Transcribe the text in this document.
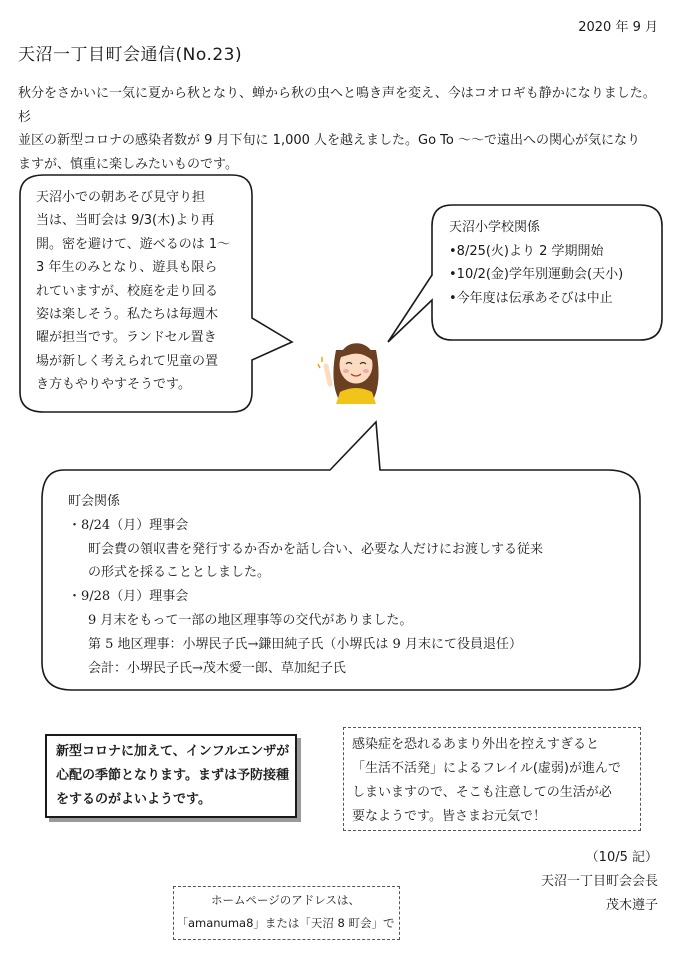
2020 年 9 月
天沼一丁目町会通信(No.23)

秋分をさかいに一気に夏から秋となり、蝉から秋の虫へと鳴き声を変え、今はコオロギも静かになりました。杉

並区の新型コロナの感染者数が 9 月下旬に 1,000 人を越えました。Go To ～～で遠出への関心が気になり

ますが、慎重に楽しみたいものです。

天沼小での朝あそび見守り担

当は、当町会は 9/3(木)より再

開。密を避けて、遊べるのは 1～

3 年生のみとなり、遊具も限ら

れていますが、校庭を走り回る

姿は楽しそう。私たちは毎週木

曜が担当です。ランドセル置き

場が新しく考えられて児童の置

き方もやりやすそうです。

天沼小学校関係
•8/25(火)より 2 学期開始
•10/2(金)学年別運動会(天小)
•今年度は伝承あそびは中止
町会関係
・8/24（月）理事会
町会費の領収書を発行するか否かを話し合い、必要な人だけにお渡しする従来
の形式を採ることとしました。
・9/28（月）理事会
9 月末をもって一部の地区理事等の交代がありました。
第 5 地区理事：小堺民子氏→鎌田純子氏（小堺氏は 9 月末にて役員退任）
会計：小堺民子氏→茂木愛一郎、草加紀子氏

新型コロナに加えて、インフルエンザが

心配の季節となります。まずは予防接種

をするのがよいようです。

感染症を恐れるあまり外出を控えすぎると

「生活不活発」によるフレイル(虚弱)が進んで

しまいますので、そこも注意しての生活が必

要なようです。皆さまお元気で！

（10/5 記）
天沼一丁目町会会長
茂木遵子

ホームページのアドレスは、

「amanuma8」または「天沼 8 町会」で
